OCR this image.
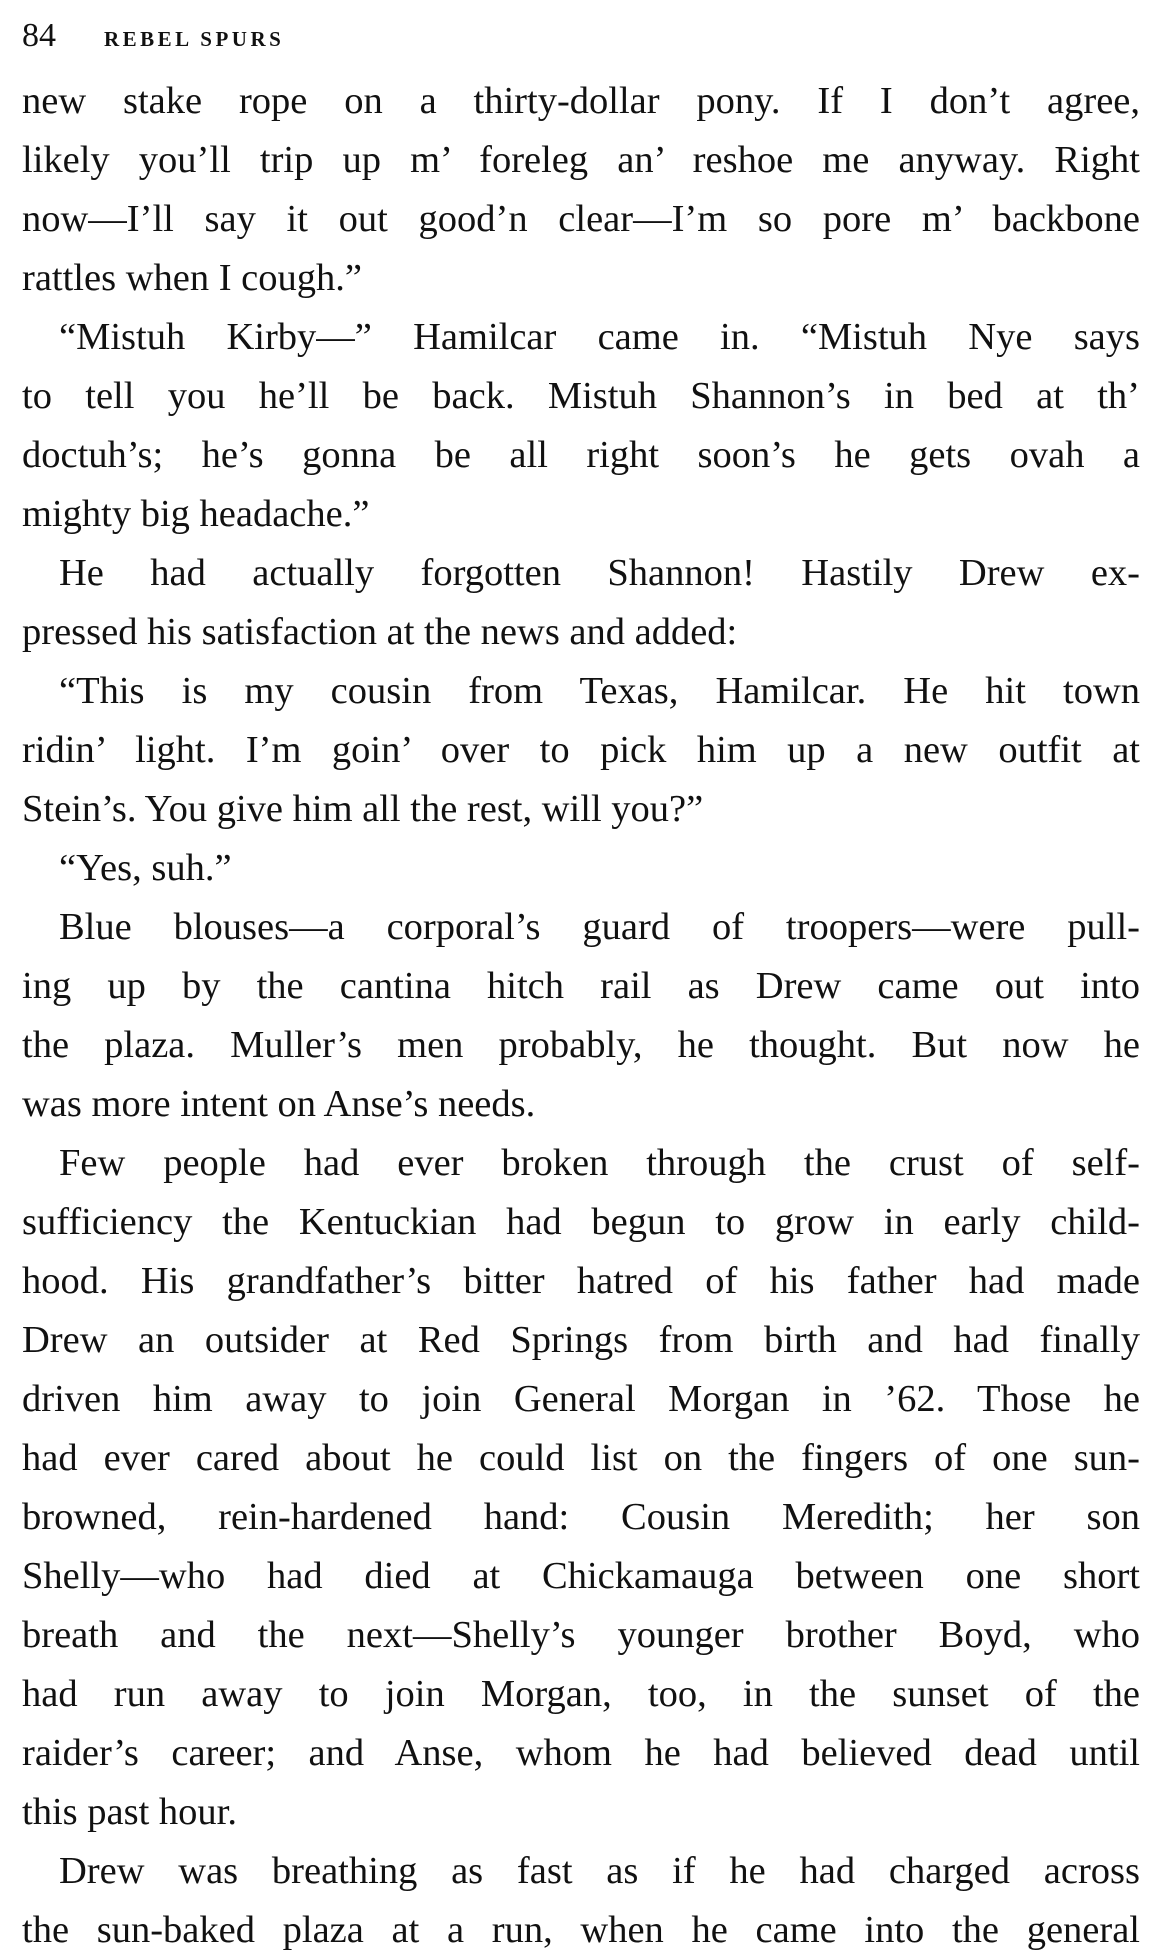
84 REBEL SPURS
new stake rope on a thirty-dollar pony. If I don’t agree,
likely you’ll trip up m’ foreleg an’ reshoe me anyway. Right
now—I’ll say it out good’n clear—I’m so pore m’ backbone
rattles when I cough.”
“Mistuh Kirby—” Hamilcar came in. “Mistuh Nye says
to tell you he’ll be back. Mistuh Shannon’s in bed at th’
doctuh’s; he’s gonna be all right soon’s he gets ovah a
mighty big headache.”
He had actually forgotten Shannon! Hastily Drew ex-
pressed his satisfaction at the news and added:
“This is my cousin from Texas, Hamilcar. He hit town
ridin’ light. I’m goin’ over to pick him up a new outfit at
Stein’s. You give him all the rest, will you?”
“Yes, suh.”
Blue blouses—a corporal’s guard of troopers—were pull-
ing up by the cantina hitch rail as Drew came out into
the plaza. Muller’s men probably, he thought. But now he
was more intent on Anse’s needs.
Few people had ever broken through the crust of self-
sufficiency the Kentuckian had begun to grow in early child-
hood. His grandfather’s bitter hatred of his father had made
Drew an outsider at Red Springs from birth and had finally
driven him away to join General Morgan in ’62. Those he
had ever cared about he could list on the fingers of one sun-
browned, rein-hardened hand: Cousin Meredith; her son
Shelly—who had died at Chickamauga between one short
breath and the next—Shelly’s younger brother Boyd, who
had run away to join Morgan, too, in the sunset of the
raider’s career; and Anse, whom he had believed dead until
this past hour.
Drew was breathing as fast as if he had charged across
the sun-baked plaza at a run, when he came into the general
